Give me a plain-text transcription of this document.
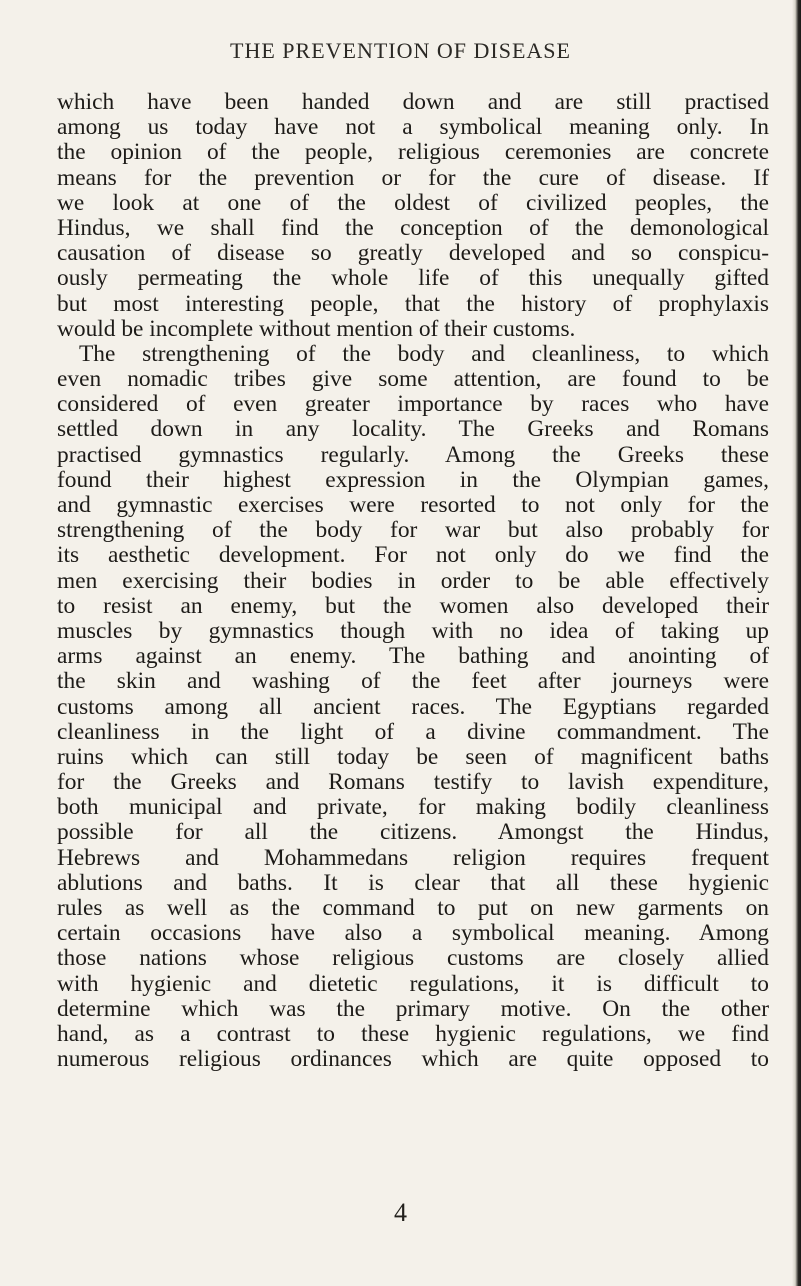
THE PREVENTION OF DISEASE
which have been handed down and are still practised
among us today have not a symbolical meaning only. In
the opinion of the people, religious ceremonies are concrete
means for the prevention or for the cure of disease. If
we look at one of the oldest of civilized peoples, the
Hindus, we shall find the conception of the demonological
causation of disease so greatly developed and so conspicu-
ously permeating the whole life of this unequally gifted
but most interesting people, that the history of prophylaxis
would be incomplete without mention of their customs.
The strengthening of the body and cleanliness, to which
even nomadic tribes give some attention, are found to be
considered of even greater importance by races who have
settled down in any locality. The Greeks and Romans
practised gymnastics regularly. Among the Greeks these
found their highest expression in the Olympian games,
and gymnastic exercises were resorted to not only for the
strengthening of the body for war but also probably for
its aesthetic development. For not only do we find the
men exercising their bodies in order to be able effectively
to resist an enemy, but the women also developed their
muscles by gymnastics though with no idea of taking up
arms against an enemy. The bathing and anointing of
the skin and washing of the feet after journeys were
customs among all ancient races. The Egyptians regarded
cleanliness in the light of a divine commandment. The
ruins which can still today be seen of magnificent baths
for the Greeks and Romans testify to lavish expenditure,
both municipal and private, for making bodily cleanliness
possible for all the citizens. Amongst the Hindus,
Hebrews and Mohammedans religion requires frequent
ablutions and baths. It is clear that all these hygienic
rules as well as the command to put on new garments on
certain occasions have also a symbolical meaning. Among
those nations whose religious customs are closely allied
with hygienic and dietetic regulations, it is difficult to
determine which was the primary motive. On the other
hand, as a contrast to these hygienic regulations, we find
numerous religious ordinances which are quite opposed to
4
